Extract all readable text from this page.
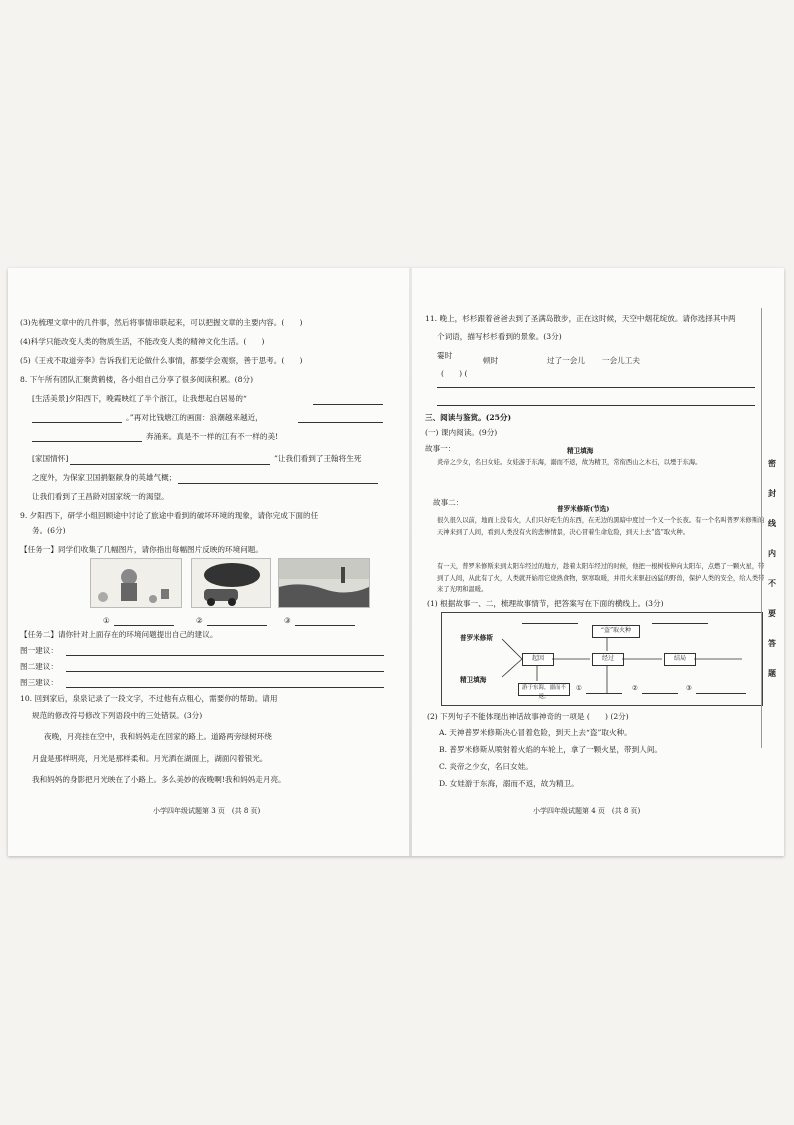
(3)先梳理文章中的几件事，然后将事情串联起来，可以把握文章的主要内容。(　　)
(4)科学只能改变人类的物质生活，不能改变人类的精神文化生活。(　　)
(5)《王戎不取道旁李》告诉我们无论做什么事情，都要学会观察，善于思考。(　　)
8. 下午所有团队汇聚黄鹤楼，各小组自己分享了很多阅读积累。(8分)
[生活美景]夕阳西下，晚霞映红了半个浙江，让我想起白居易的“
。”再对比钱塘江的画面：浪潮越来越近，
奔涌来。真是不一样的江有不一样的美!
[家国情怀]	”让我们看到了王翰将生死
之度外，为保家卫国捐躯献身的英雄气概；
让我们看到了王昌龄对国家统一的渴望。
9. 夕阳西下，研学小组回顾途中讨论了旅途中看到的破坏环境的现象，请你完成下面的任
务。(6分)
【任务一】同学们收集了几幅图片，请你指出每幅图片反映的环境问题。
①	②	③
【任务二】请你针对上面存在的环境问题提出自己的建议。
图一建议：
图二建议：
图三建议：
10. 回到家后，泉泉记录了一段文字，不过他有点粗心，需要你的帮助。请用
规范的修改符号修改下列语段中的三处错误。(3分)
夜晚，月亮挂在空中，我和妈妈走在回家的路上。道路两旁绿树环绕
月盘是那样明亮，月光是那样柔和。月光洒在湖面上，湖面闪着银光。
我和妈妈的身影把月光映在了小路上。多么美妙的夜晚啊!我和妈妈走月亮。
小学四年级试题第 3 页　(共 8 页)
11. 晚上，杉杉跟着爸爸去到了圣满岛散步，正在这时候，天空中烟花绽放。请你选择其中两
个词语，描写杉杉看到的景象。(3分)
霎时
顿时	过了一会儿 一会儿工夫
(　　) (
三、阅读与鉴赏。(25分)
(一) 课内阅读。(9分)
故事一：	精卫填海
炎帝之少女，名曰女娃。女娃游于东海，溺而不返，故为精卫，常衔西山之木石，以堙于东海。
故事二：
普罗米修斯(节选)
很久很久以前，地面上没有火，人们只好吃生的东西，在无边的黑暗中度过一个又一个长夜。有一个名叫普罗米修斯的天神来到了人间，看到人类没有火的悲惨情景，决心冒着生命危险，到天上去“盗”取火种。
有一天，普罗米修斯来到太阳车经过的地方，趁着太阳车经过的时候，他把一根树枝伸向太阳车，点燃了一颗火星，带到了人间，从此有了火，人类就开始用它烧熟食物，驱寒取暖，并用火来驱赶凶猛的野兽，保护人类的安全，给人类带来了光明和温暖。
(1) 根据故事一、二，梳理故事情节，把答案写在下面的横线上。(3分)
普罗米修斯
精卫填海
“盗”取火种
起因	经过	结局
游于东海，溺而不返。
①	②	③
(2) 下列句子不能体现出神话故事神奇的一项是 (　　) (2分)
A. 天神普罗米修斯决心冒着危险，到天上去“盗”取火种。
B. 普罗米修斯从喷射着火焰的车轮上，拿了一颗火星，带到人间。
C. 炎帝之少女，名曰女娃。
D. 女娃游于东海，溺而不返，故为精卫。
小学四年级试题第 4 页　(共 8 页)
密
封
线
内
不
要
答
题
